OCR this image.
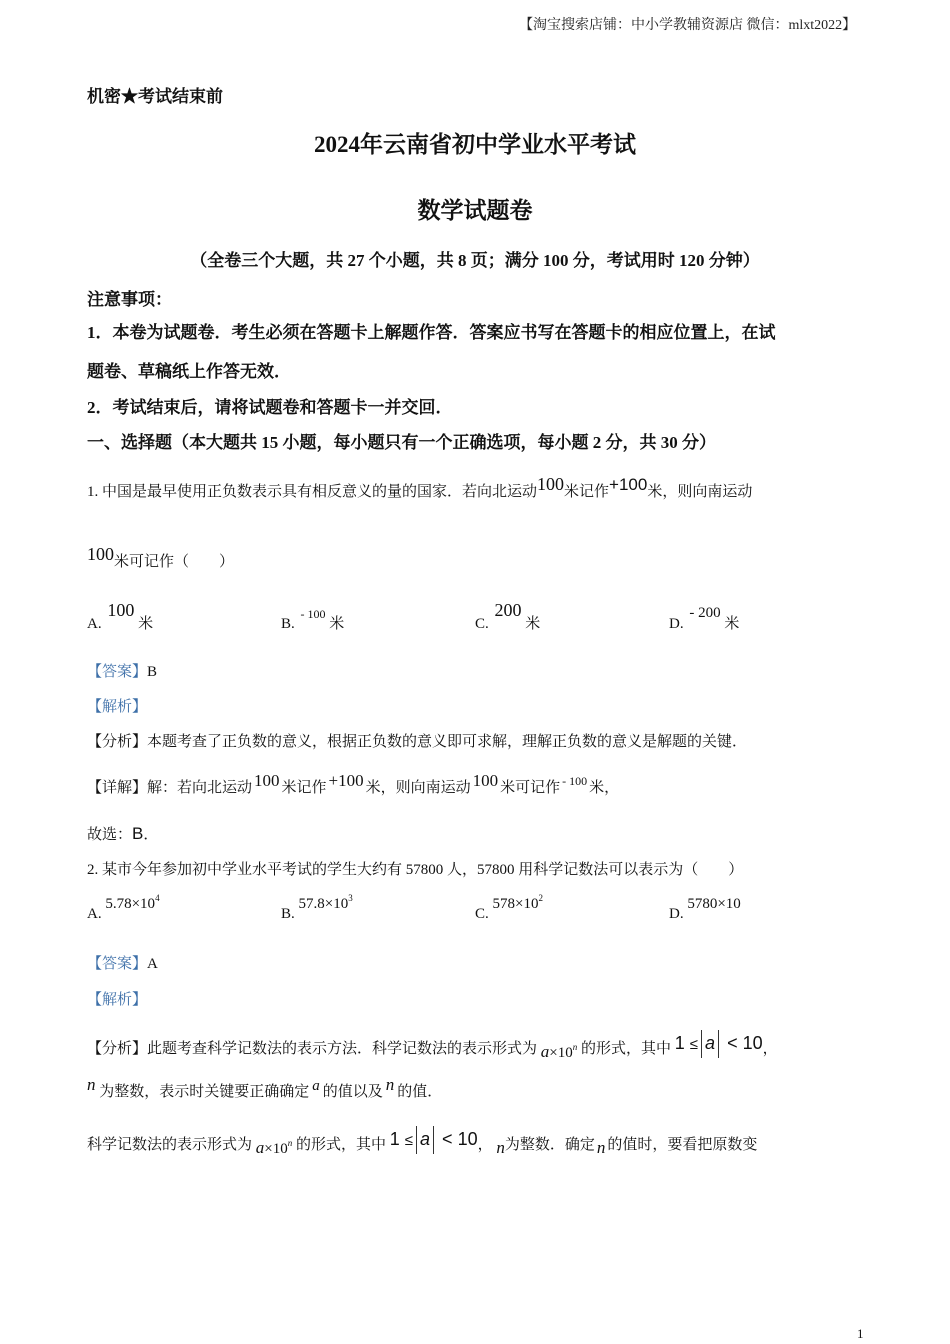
【淘宝搜索店铺：中小学教辅资源店 微信：mlxt2022】
机密★考试结束前
2024年云南省初中学业水平考试
数学试题卷
（全卷三个大题，共 27 个小题，共 8 页；满分 100 分，考试用时 120 分钟）
注意事项：
1．本卷为试题卷．考生必须在答题卡上解题作答．答案应书写在答题卡的相应位置上，在试
题卷、草稿纸上作答无效．
2．考试结束后，请将试题卷和答题卡一并交回．
一、选择题（本大题共 15 小题，每小题只有一个正确选项，每小题 2 分，共 30 分）
1. 中国是最早使用正负数表示具有相反意义的量的国家．若向北运动100米记作+100米，则向南运动
100米可记作（　　）
A. 100 米	B. $^{- 100}$ 米	C. 200 米	D. - 200 米
【答案】B
【解析】
【分析】本题考查了正负数的意义，根据正负数的意义即可求解，理解正负数的意义是解题的关键．
【详解】解：若向北运动 100 米记作 +100 米，则向南运动 100 米可记作 $^{- 100}$ 米，
故选：B．
2. 某市今年参加初中学业水平考试的学生大约有 57800 人，57800 用科学记数法可以表示为（　　）
A. $5.78\times 10^4$
B. $57.8\times 10^3$
C. $578\times 10^2$
D. 5780×10
【答案】A
【解析】
【分析】此题考查科学记数法的表示方法．科学记数法的表示形式为 $a\times 10^n$ 的形式，其中 1 ≤ a < 10，
n 为整数，表示时关键要正确确定 a 的值以及 n 的值．
科学记数法的表示形式为 $a\times 10^n$ 的形式，其中 1 ≤ a < 10， n为整数．确定 n 的值时，要看把原数变
1
